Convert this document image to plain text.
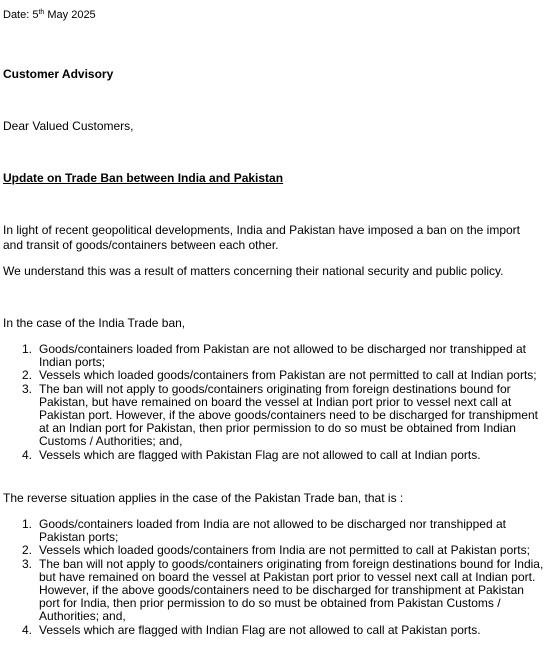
Date: 5th May 2025
Customer Advisory
Dear Valued Customers,
Update on Trade Ban between India and Pakistan
In light of recent geopolitical developments, India and Pakistan have imposed a ban on the import and transit of goods/containers between each other.
We understand this was a result of matters concerning their national security and public policy.
In the case of the India Trade ban,
1. Goods/containers loaded from Pakistan are not allowed to be discharged nor transhipped at Indian ports;
2. Vessels which loaded goods/containers from Pakistan are not permitted to call at Indian ports;
3. The ban will not apply to goods/containers originating from foreign destinations bound for Pakistan, but have remained on board the vessel at Indian port prior to vessel next call at Pakistan port. However, if the above goods/containers need to be discharged for transhipment at an Indian port for Pakistan, then prior permission to do so must be obtained from Indian Customs / Authorities; and,
4. Vessels which are flagged with Pakistan Flag are not allowed to call at Indian ports.
The reverse situation applies in the case of the Pakistan Trade ban, that is :
1. Goods/containers loaded from India are not allowed to be discharged nor transhipped at Pakistan ports;
2. Vessels which loaded goods/containers from India are not permitted to call at Pakistan ports;
3. The ban will not apply to goods/containers originating from foreign destinations bound for India, but have remained on board the vessel at Pakistan port prior to vessel next call at Indian port. However, if the above goods/containers need to be discharged for transhipment at Pakistan port for India, then prior permission to do so must be obtained from Pakistan Customs / Authorities; and,
4. Vessels which are flagged with Indian Flag are not allowed to call at Pakistan ports.
